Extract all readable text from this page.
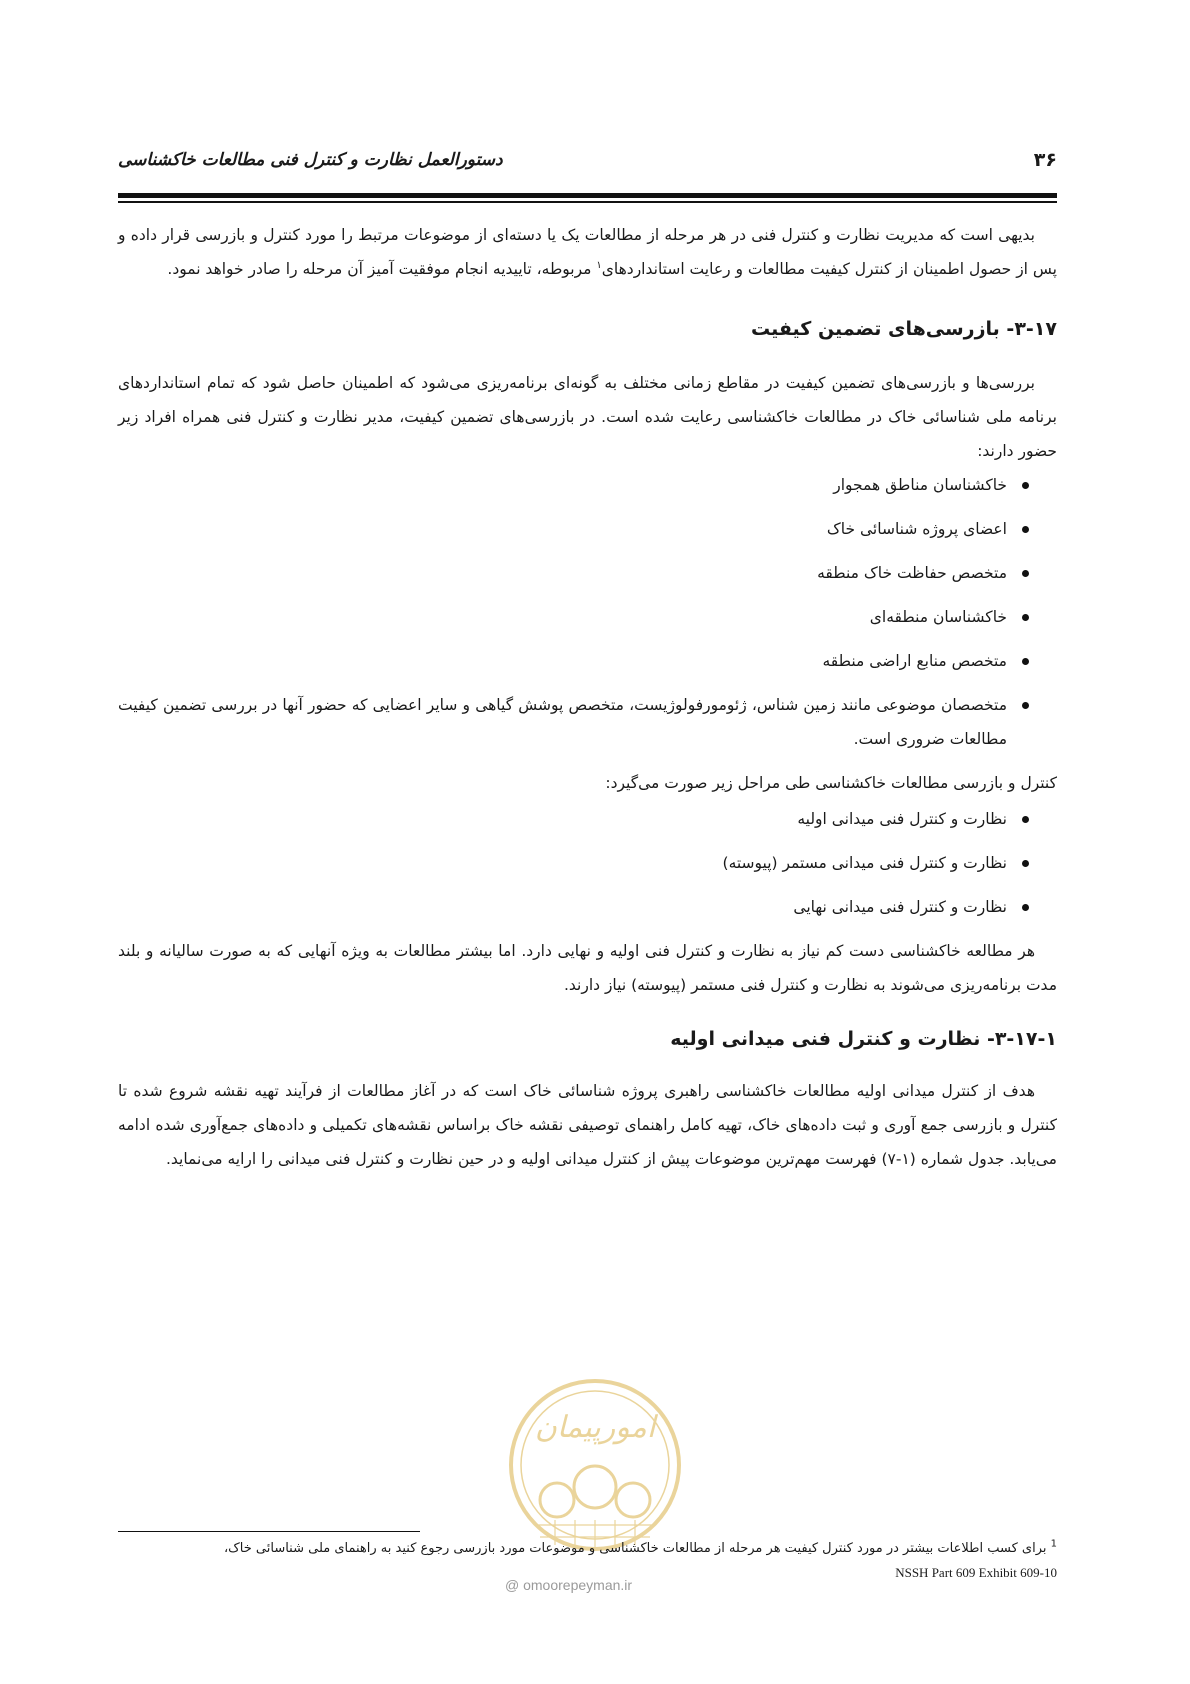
۳۶
دستورالعمل نظارت و کنترل فنی مطالعات خاکشناسی

بدیهی است که مدیریت نظارت و کنترل فنی در هر مرحله از مطالعات یک یا دسته‌ای از موضوعات مرتبط را مورد کنترل و بازرسی قرار داده و پس از حصول اطمینان از کنترل کیفیت مطالعات و رعایت استانداردهای$^۱$ مربوطه، تاییدیه انجام موفقیت آمیز آن مرحله را صادر خواهد نمود.

۳-۱۷- بازرسی‌های تضمین کیفیت

بررسی‌ها و بازرسی‌های تضمین کیفیت در مقاطع زمانی مختلف به گونه‌ای برنامه‌ریزی می‌شود که اطمینان حاصل شود که تمام استانداردهای برنامه ملی شناسائی خاک در مطالعات خاکشناسی رعایت شده است. در بازرسی‌های تضمین کیفیت، مدیر نظارت و کنترل فنی همراه افراد زیر حضور دارند:

خاکشناسان مناطق همجوار
اعضای پروژه شناسائی خاک
متخصص حفاظت خاک منطقه
خاکشناسان منطقه‌ای
متخصص منابع اراضی منطقه
متخصصان موضوعی مانند زمین شناس، ژئومورفولوژیست، متخصص پوشش گیاهی و سایر اعضایی که حضور آنها در بررسی تضمین کیفیت مطالعات ضروری است.

کنترل و بازرسی مطالعات خاکشناسی طی مراحل زیر صورت می‌گیرد:

نظارت و کنترل فنی میدانی اولیه
نظارت و کنترل فنی میدانی مستمر (پیوسته)
نظارت و کنترل فنی میدانی نهایی

هر مطالعه خاکشناسی دست کم نیاز به نظارت و کنترل فنی اولیه و نهایی دارد. اما بیشتر مطالعات به ویژه آنهایی که به صورت سالیانه و بلند مدت برنامه‌ریزی می‌شوند به نظارت و کنترل فنی مستمر (پیوسته) نیاز دارند.

۳-۱۷-۱- نظارت و کنترل فنی میدانی اولیه

هدف از کنترل میدانی اولیه مطالعات خاکشناسی راهبری پروژه شناسائی خاک است که در آغاز مطالعات از فرآیند تهیه نقشه شروع شده تا کنترل و بازرسی جمع آوری و ثبت داده‌های خاک، تهیه کامل راهنمای توصیفی نقشه خاک براساس نقشه‌های تکمیلی و داده‌های جمع‌آوری شده ادامه می‌یابد. جدول شماره (۱-۷) فهرست مهم‌ترین موضوعات پیش از کنترل میدانی اولیه و در حین نظارت و کنترل فنی میدانی را ارایه می‌نماید.

امورپیمان
@ omoorepeyman.ir
$^1$ برای کسب اطلاعات بیشتر در مورد کنترل کیفیت هر مرحله از مطالعات خاکشناسی و موضوعات مورد بازرسی رجوع کنید به راهنمای ملی شناسائی خاک،
NSSH Part 609 Exhibit 609-10
